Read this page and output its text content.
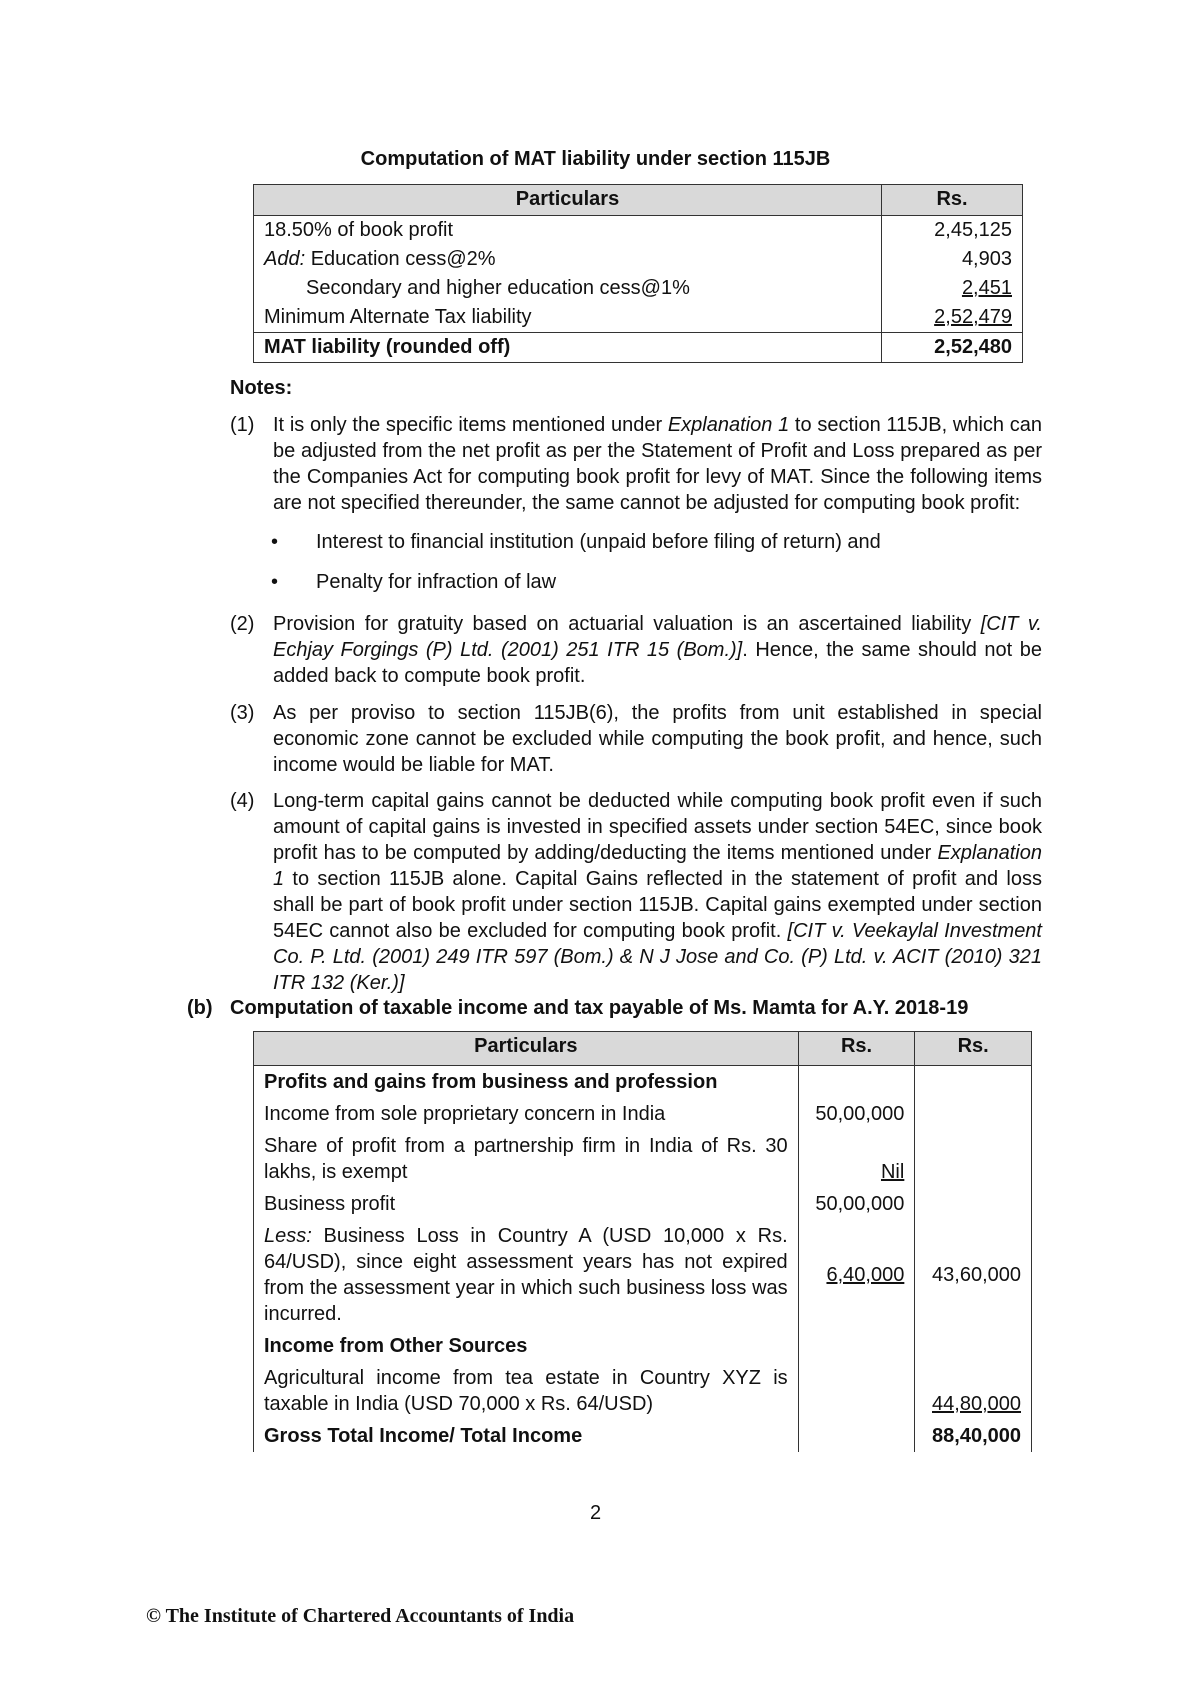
Computation of MAT liability under section 115JB
Particulars	Rs.
18.50% of book profit	2,45,125
Add: Education cess@2%	4,903
Secondary and higher education cess@1%	2,451
Minimum Alternate Tax liability	2,52,479
MAT liability (rounded off)	2,52,480
Notes:
(1) It is only the specific items mentioned under Explanation 1 to section 115JB, which can be adjusted from the net profit as per the Statement of Profit and Loss prepared as per the Companies Act for computing book profit for levy of MAT. Since the following items are not specified thereunder, the same cannot be adjusted for computing book profit:
• Interest to financial institution (unpaid before filing of return) and
• Penalty for infraction of law
(2) Provision for gratuity based on actuarial valuation is an ascertained liability [CIT v. Echjay Forgings (P) Ltd. (2001) 251 ITR 15 (Bom.)]. Hence, the same should not be added back to compute book profit.
(3) As per proviso to section 115JB(6), the profits from unit established in special economic zone cannot be excluded while computing the book profit, and hence, such income would be liable for MAT.
(4) Long-term capital gains cannot be deducted while computing book profit even if such amount of capital gains is invested in specified assets under section 54EC, since book profit has to be computed by adding/deducting the items mentioned under Explanation 1 to section 115JB alone. Capital Gains reflected in the statement of profit and loss shall be part of book profit under section 115JB. Capital gains exempted under section 54EC cannot also be excluded for computing book profit. [CIT v. Veekaylal Investment Co. P. Ltd. (2001) 249 ITR 597 (Bom.) & N J Jose and Co. (P) Ltd. v. ACIT (2010) 321 ITR 132 (Ker.)]
(b) Computation of taxable income and tax payable of Ms. Mamta for A.Y. 2018-19
Particulars	Rs.	Rs.
Profits and gains from business and profession		
Income from sole proprietary concern in India	50,00,000	
Share of profit from a partnership firm in India of Rs. 30 lakhs, is exempt	Nil	
Business profit	50,00,000	
Less: Business Loss in Country A (USD 10,000 x Rs. 64/USD), since eight assessment years has not expired from the assessment year in which such business loss was incurred.	6,40,000	43,60,000
Income from Other Sources		
Agricultural income from tea estate in Country XYZ is taxable in India (USD 70,000 x Rs. 64/USD)		44,80,000
Gross Total Income/ Total Income		88,40,000
2
© The Institute of Chartered Accountants of India
